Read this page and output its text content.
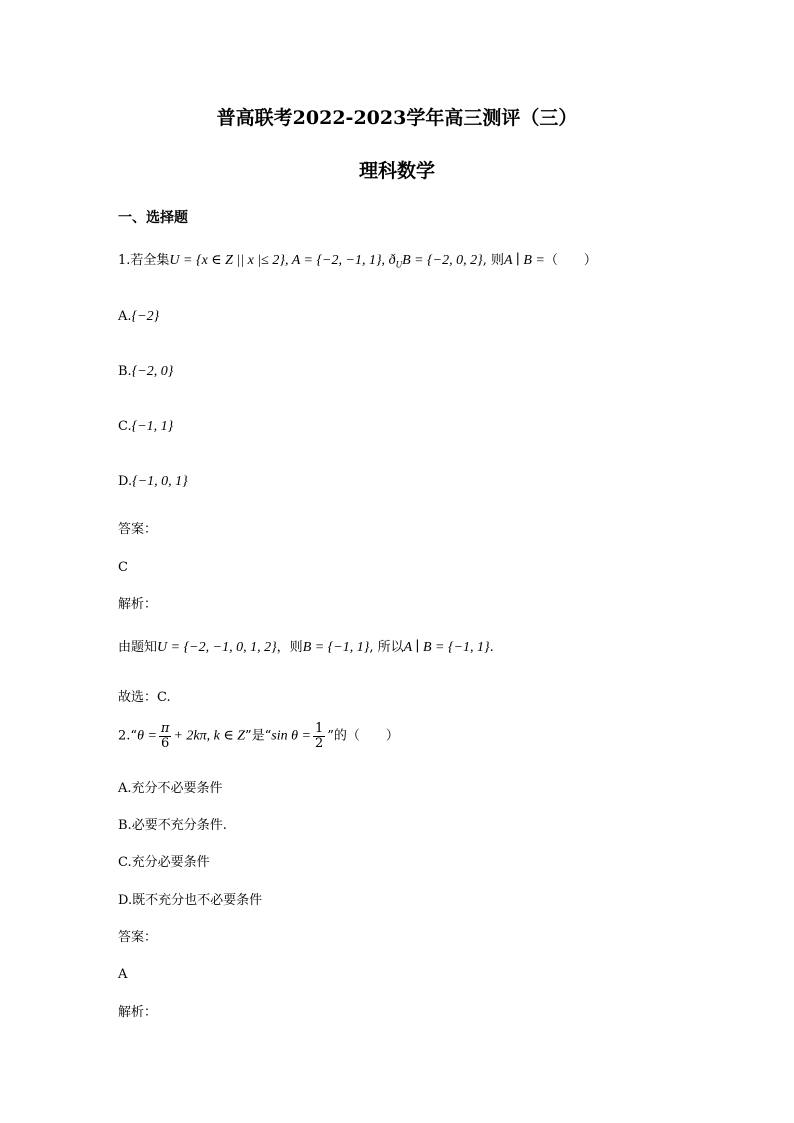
普高联考2022-2023学年高三测评（三）
理科数学
一、选择题
1.若全集U = {x ∈ Z || x |≤ 2}, A = {−2, −1, 1}, $ð_UB = \{-2$, 0, 2}, 则A ∣ B =（　　）
A.{−2}
B.{−2, 0}
C.{−1, 1}
D.{−1, 0, 1}
答案：
C
解析：
由题知U = {−2, −1, 0, 1, 2}，则B = {−1, 1}, 所以A ∣ B = {−1, 1}.
故选：C.
2.“θ = $\frac{\pi}{6} + 2k\pi$, k ∈ Z”是“sin $\theta = \frac{1}{2}$ ”的（　　）
A.充分不必要条件
B.必要不充分条件.
C.充分必要条件
D.既不充分也不必要条件
答案：
A
解析：
